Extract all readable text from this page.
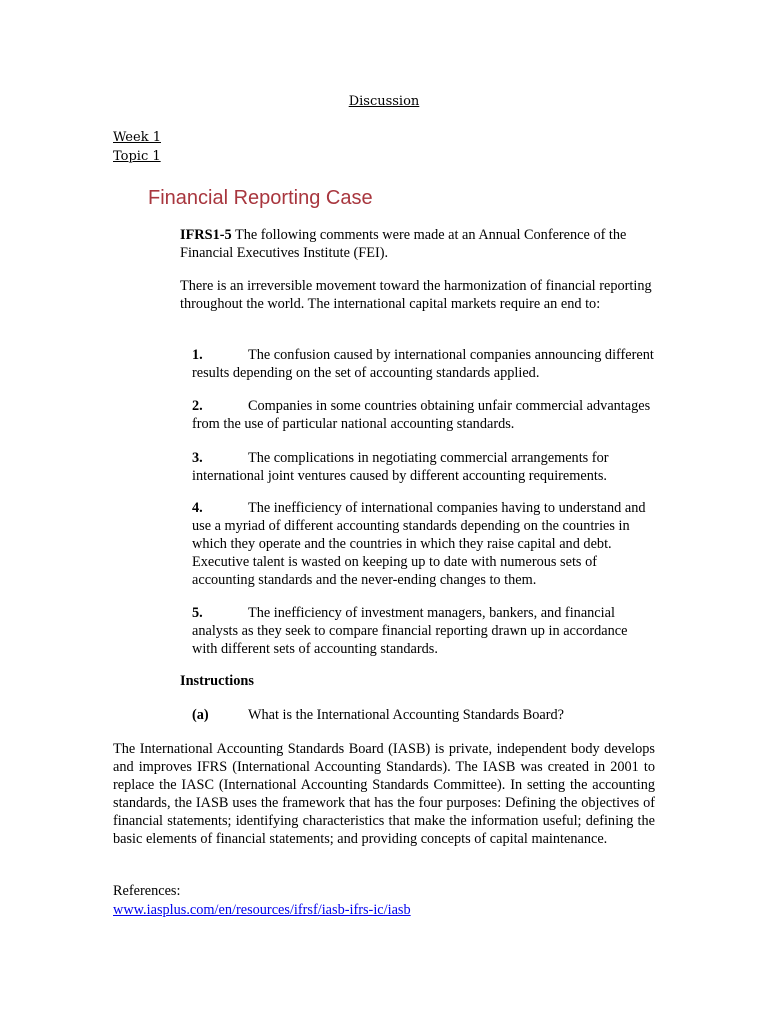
Discussion
Week 1
Topic 1
Financial Reporting Case
IFRS1-5 The following comments were made at an Annual Conference of the Financial Executives Institute (FEI).
There is an irreversible movement toward the harmonization of financial reporting throughout the world. The international capital markets require an end to:
1.	The confusion caused by international companies announcing different results depending on the set of accounting standards applied.
2.	Companies in some countries obtaining unfair commercial advantages from the use of particular national accounting standards.
3.	The complications in negotiating commercial arrangements for international joint ventures caused by different accounting requirements.
4.	The inefficiency of international companies having to understand and use a myriad of different accounting standards depending on the countries in which they operate and the countries in which they raise capital and debt. Executive talent is wasted on keeping up to date with numerous sets of accounting standards and the never-ending changes to them.
5.	The inefficiency of investment managers, bankers, and financial analysts as they seek to compare financial reporting drawn up in accordance with different sets of accounting standards.
Instructions
(a)	What is the International Accounting Standards Board?
The International Accounting Standards Board (IASB) is private, independent body develops and improves IFRS (International Accounting Standards). The IASB was created in 2001 to replace the IASC (International Accounting Standards Committee). In setting the accounting standards, the IASB uses the framework that has the four purposes: Defining the objectives of financial statements; identifying characteristics that make the information useful; defining the basic elements of financial statements; and providing concepts of capital maintenance.
References:
www.iasplus.com/en/resources/ifrsf/iasb-ifrs-ic/iasb
